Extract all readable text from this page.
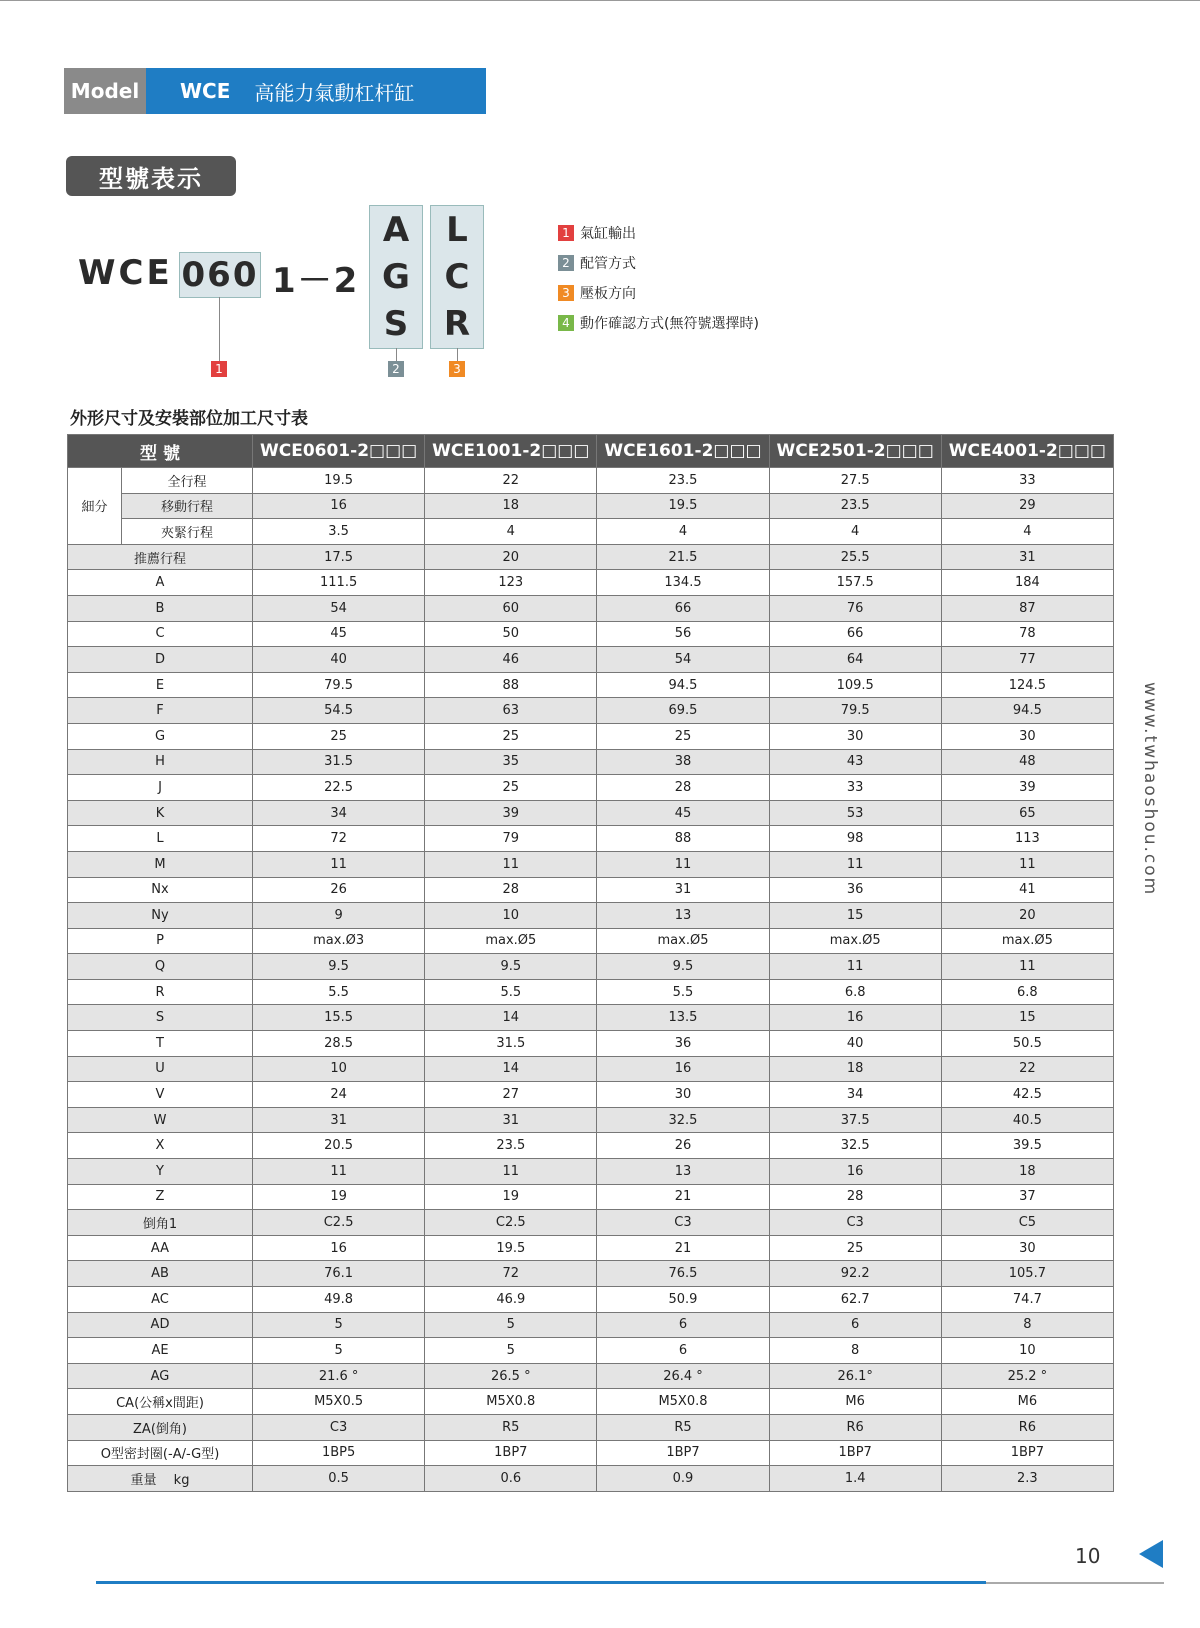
Model	WCE 高能力氣動杠杆缸
型號表示
WCE 060 1－2
A
G
S
L
C
R
1	2	3
1 氣缸輸出
2 配管方式
3 壓板方向
4 動作確認方式(無符號選擇時)
外形尺寸及安裝部位加工尺寸表
型 號		WCE0601-2□□□	WCE1001-2□□□	WCE1601-2□□□	WCE2501-2□□□	WCE4001-2□□□
細分	全行程	19.5	22	23.5	27.5	33
	移動行程	16	18	19.5	23.5	29
	夾緊行程	3.5	4	4	4	4
推薦行程		17.5	20	21.5	25.5	31
A		111.5	123	134.5	157.5	184
B		54	60	66	76	87
C		45	50	56	66	78
D		40	46	54	64	77
E		79.5	88	94.5	109.5	124.5
F		54.5	63	69.5	79.5	94.5
G		25	25	25	30	30
H		31.5	35	38	43	48
J		22.5	25	28	33	39
K		34	39	45	53	65
L		72	79	88	98	113
M		11	11	11	11	11
Nx		26	28	31	36	41
Ny		9	10	13	15	20
P		max.Ø3	max.Ø5	max.Ø5	max.Ø5	max.Ø5
Q		9.5	9.5	9.5	11	11
R		5.5	5.5	5.5	6.8	6.8
S		15.5	14	13.5	16	15
T		28.5	31.5	36	40	50.5
U		10	14	16	18	22
V		24	27	30	34	42.5
W		31	31	32.5	37.5	40.5
X		20.5	23.5	26	32.5	39.5
Y		11	11	13	16	18
Z		19	19	21	28	37
倒角1		C2.5	C2.5	C3	C3	C5
AA		16	19.5	21	25	30
AB		76.1	72	76.5	92.2	105.7
AC		49.8	46.9	50.9	62.7	74.7
AD		5	5	6	6	8
AE		5	5	6	8	10
AG		21.6 °	26.5 °	26.4 °	26.1°	25.2 °
CA(公稱x間距)		M5X0.5	M5X0.8	M5X0.8	M6	M6
ZA(倒角)		C3	R5	R5	R6	R6
O型密封圈(-A/-G型)		1BP5	1BP7	1BP7	1BP7	1BP7
重量　 kg		0.5	0.6	0.9	1.4	2.3
www.twhaoshou.com
10
